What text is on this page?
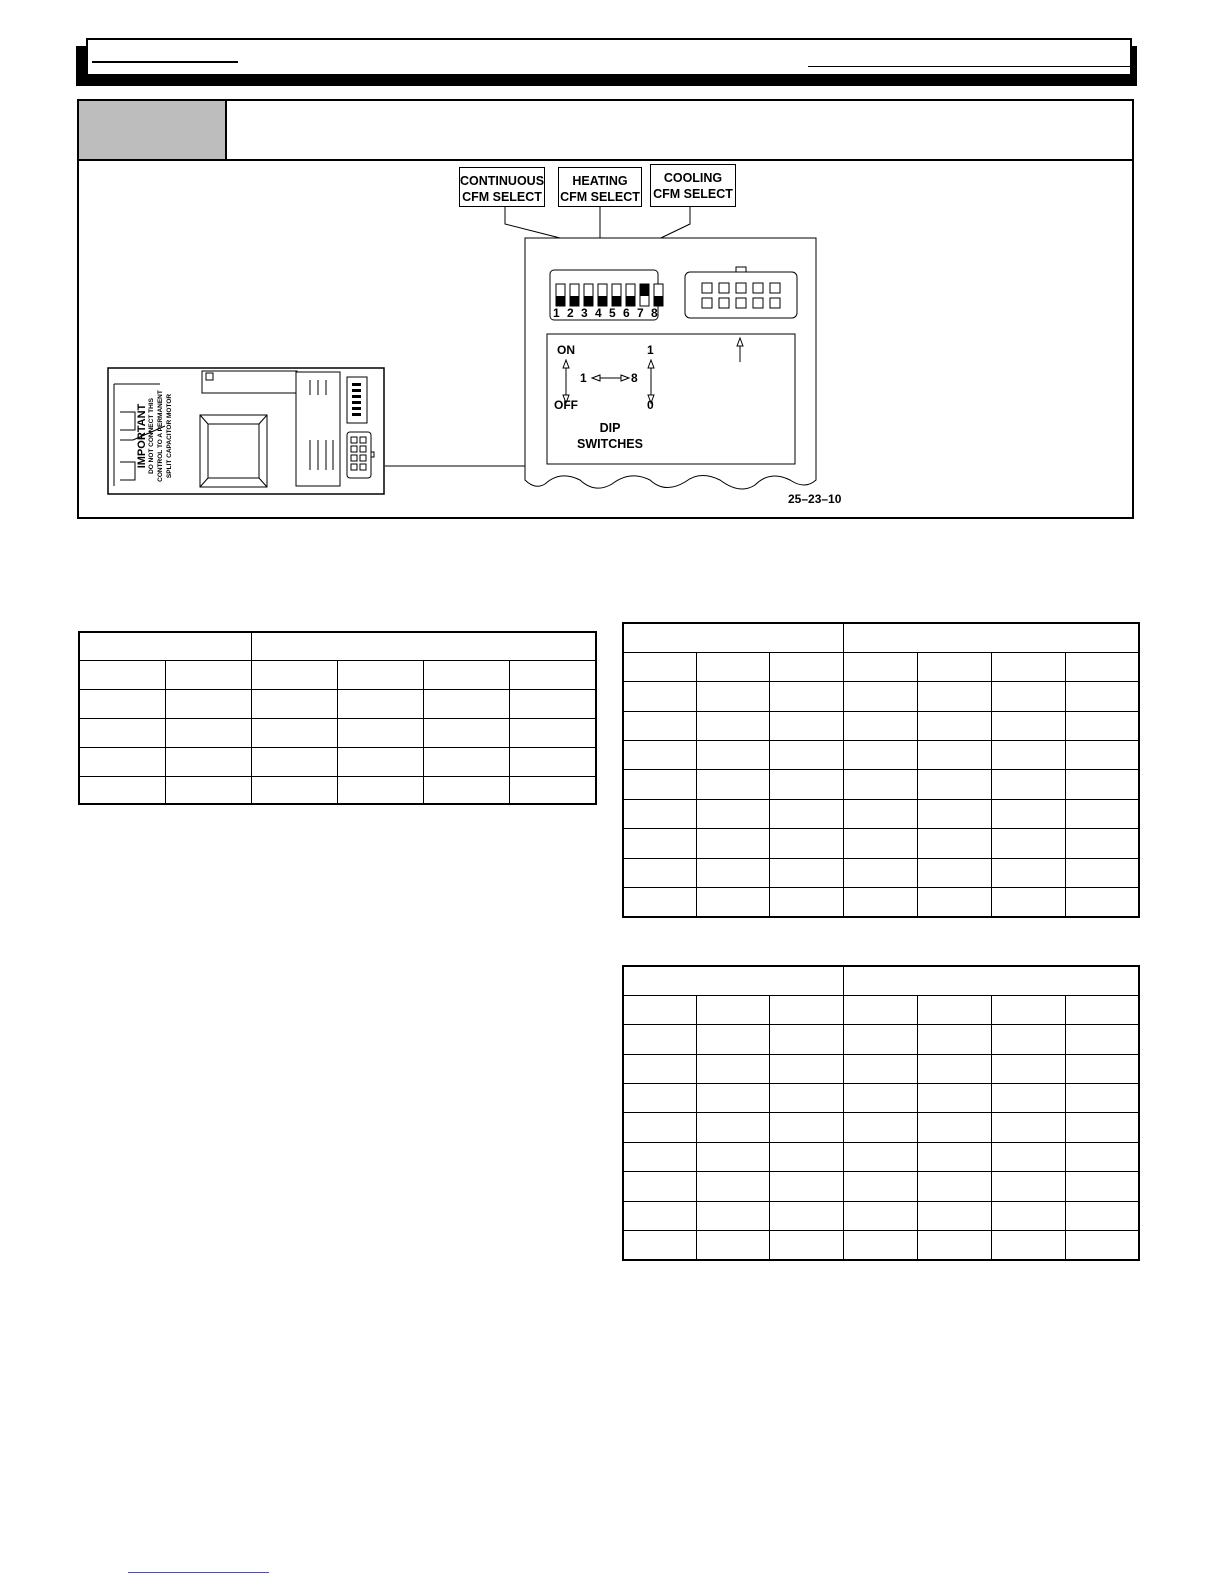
CONTINUOUS
CFM SELECT
HEATING
CFM SELECT
COOLING
CFM SELECT
1 2 3 4 5 6 7 8
ON	1
1	8
OFF	0
DIP
SWITCHES
IMPORTANT DO NOT CONNECT THIS CONTROL TO A PERMANENT SPLIT CAPACITOR MOTOR
25–23–10
